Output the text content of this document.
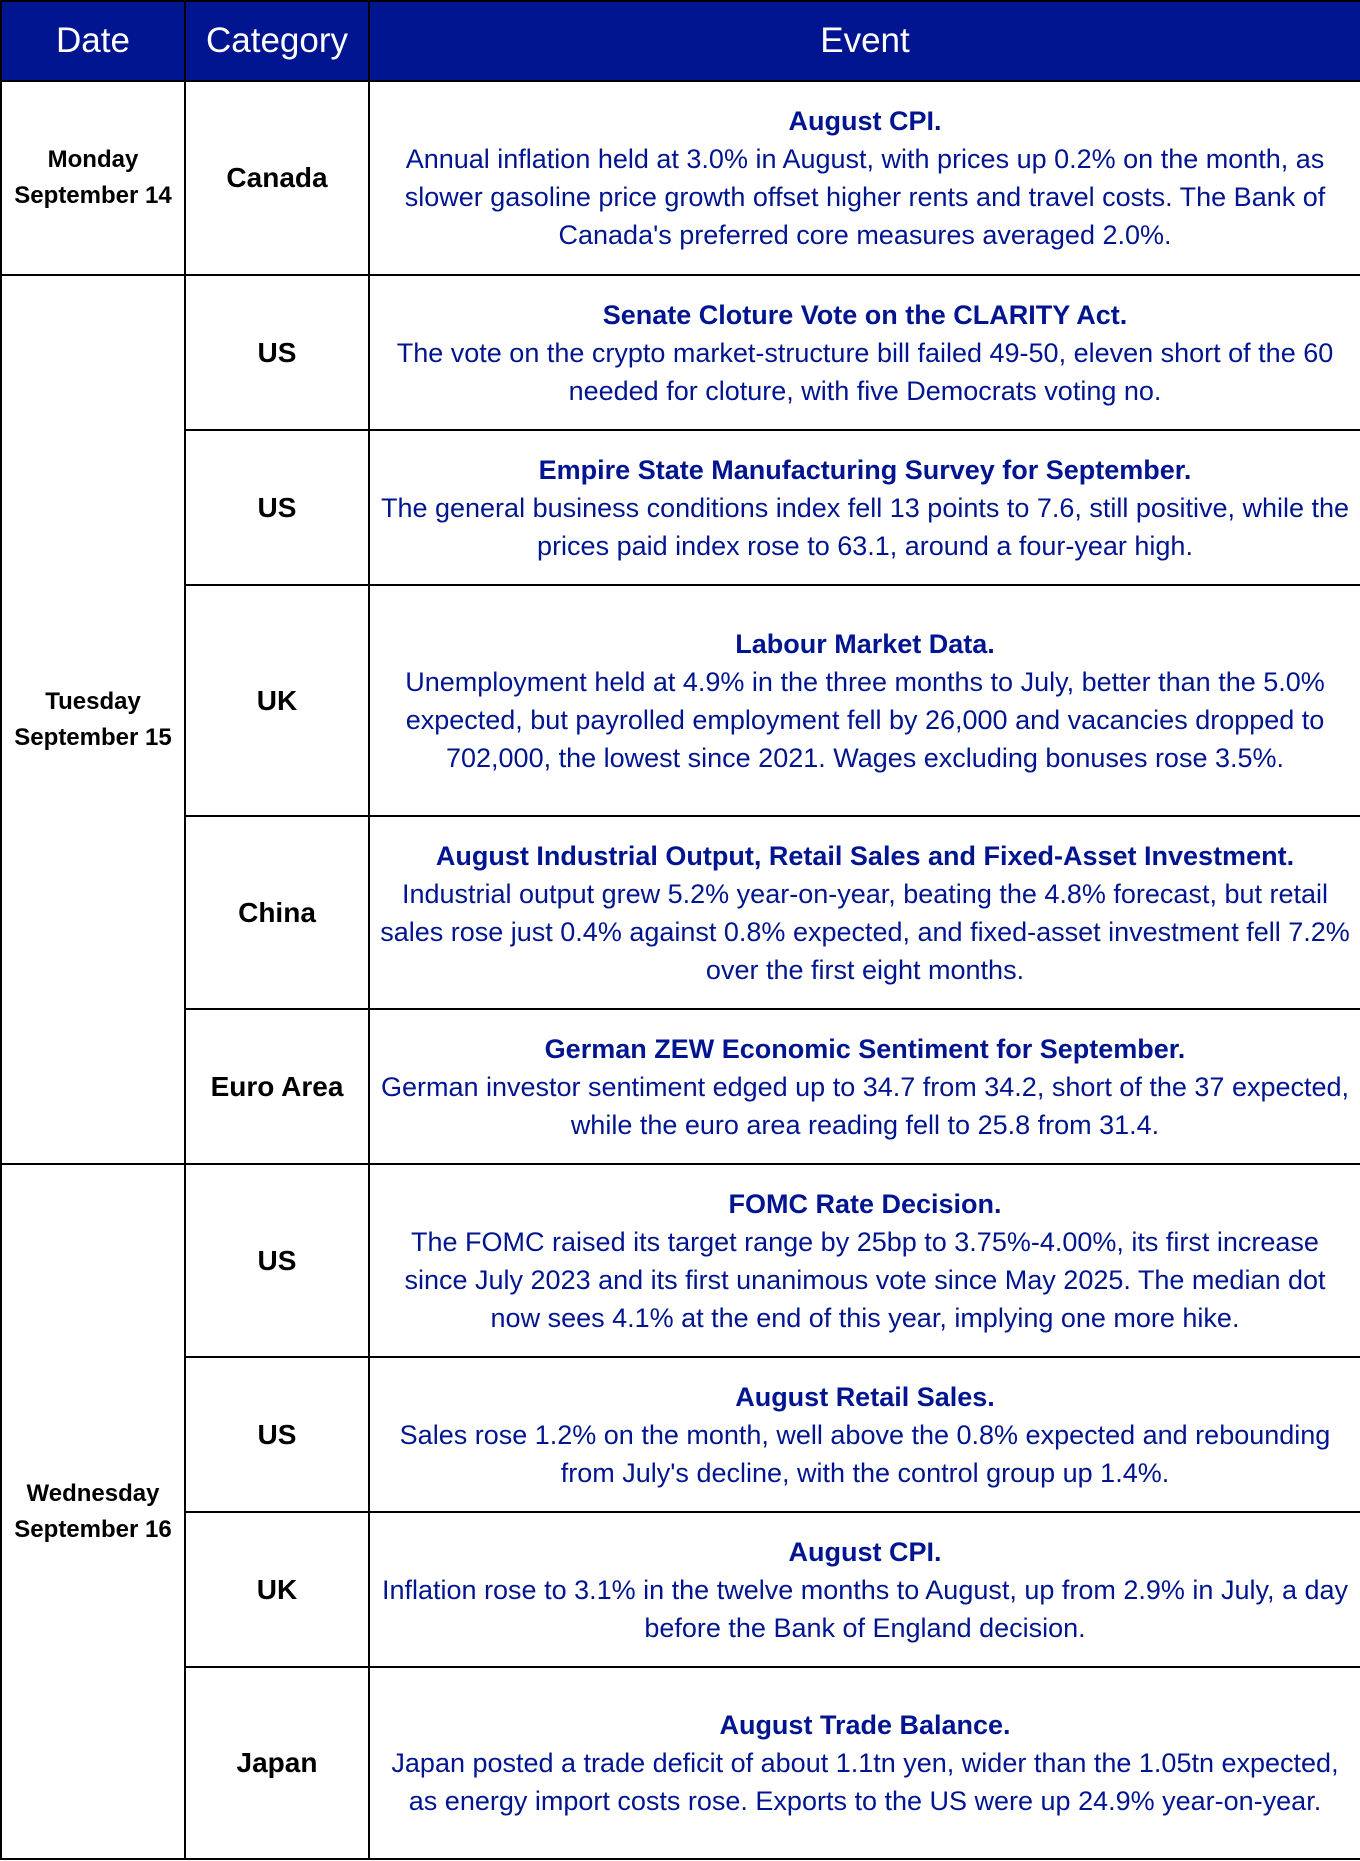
Date	Category	Event

Monday
September 14	Canada	August CPI.
Annual inflation held at 3.0% in August, with prices up 0.2% on the month, as slower gasoline price growth offset higher rents and travel costs. The Bank of Canada's preferred core measures averaged 2.0%.

Tuesday
September 15	US	Senate Cloture Vote on the CLARITY Act.
The vote on the crypto market-structure bill failed 49-50, eleven short of the 60 needed for cloture, with five Democrats voting no.

	US	Empire State Manufacturing Survey for September.
The general business conditions index fell 13 points to 7.6, still positive, while the prices paid index rose to 63.1, around a four-year high.

	UK	Labour Market Data.
Unemployment held at 4.9% in the three months to July, better than the 5.0% expected, but payrolled employment fell by 26,000 and vacancies dropped to 702,000, the lowest since 2021. Wages excluding bonuses rose 3.5%.

	China	August Industrial Output, Retail Sales and Fixed-Asset Investment.
Industrial output grew 5.2% year-on-year, beating the 4.8% forecast, but retail sales rose just 0.4% against 0.8% expected, and fixed-asset investment fell 7.2% over the first eight months.

	Euro Area	German ZEW Economic Sentiment for September.
German investor sentiment edged up to 34.7 from 34.2, short of the 37 expected, while the euro area reading fell to 25.8 from 31.4.

Wednesday
September 16	US	FOMC Rate Decision.
The FOMC raised its target range by 25bp to 3.75%-4.00%, its first increase since July 2023 and its first unanimous vote since May 2025. The median dot now sees 4.1% at the end of this year, implying one more hike.

	US	August Retail Sales.
Sales rose 1.2% on the month, well above the 0.8% expected and rebounding from July's decline, with the control group up 1.4%.

	UK	August CPI.
Inflation rose to 3.1% in the twelve months to August, up from 2.9% in July, a day before the Bank of England decision.

	Japan	August Trade Balance.
Japan posted a trade deficit of about 1.1tn yen, wider than the 1.05tn expected, as energy import costs rose. Exports to the US were up 24.9% year-on-year.
